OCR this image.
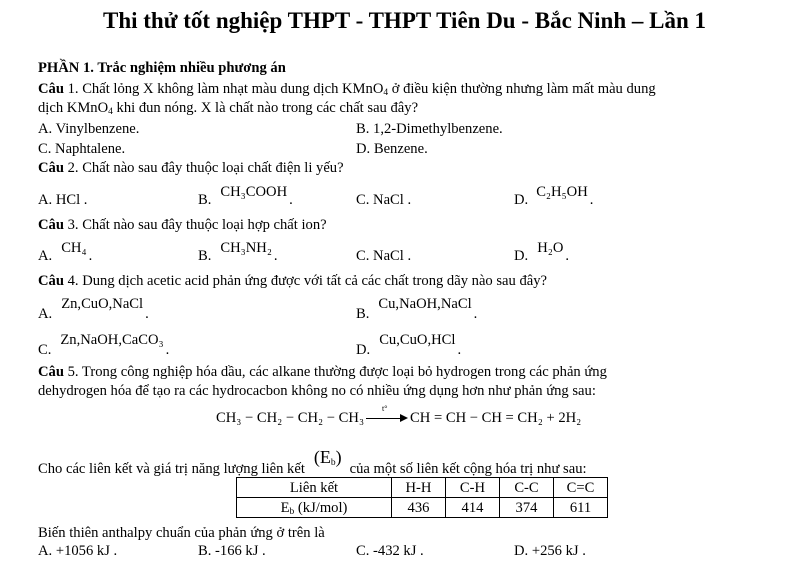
Thi thử tốt nghiệp THPT - THPT Tiên Du - Bắc Ninh – Lần 1
PHẦN 1. Trắc nghiệm nhiều phương án
Câu 1. Chất lỏng X không làm nhạt màu dung dịch KMnO$_4$ ở điều kiện thường nhưng làm mất màu dung
dịch KMnO$_4$ khi đun nóng. X là chất nào trong các chất sau đây?
A. Vinylbenzene.	B. 1,2-Dimethylbenzene.
C. Naphtalene.	D. Benzene.
Câu 2. Chất nào sau đây thuộc loại chất điện li yếu?
A. HCl .	B. CH₃COOH .	C. NaCl .	D. C₂H₅OH .
Câu 3. Chất nào sau đây thuộc loại hợp chất ion?
A. CH₄ .	B. CH₃NH₂ .	C. NaCl .	D. H₂O .
Câu 4. Dung dịch acetic acid phản ứng được với tất cả các chất trong dãy nào sau đây?
A.Zn,CuO,NaCl.	B.Cu,NaOH,NaCl.
C.Zn,NaOH,CaCO₃.	D.Cu,CuO,HCl.
Câu 5. Trong công nghiệp hóa dầu, các alkane thường được loại bỏ hydrogen trong các phản ứng
dehydrogen hóa để tạo ra các hydrocacbon không no có nhiều ứng dụng hơn như phản ứng sau:
CH₃ − CH₂ − CH₂ − CH₃
t°
CH = CH − CH = CH₂ + 2H₂
Cho các liên kết và giá trị năng lượng liên $kết(E_b)của$ một số liên kết cộng hóa trị như sau:
Liên kết	H-H	C-H	C-C	C=C
$E_b$ (kJ/mol)	436	414	374	611
Biến thiên anthalpy chuẩn của phản ứng ở trên là
A. +1056 kJ .	B. -166 kJ .	C. -432 kJ .	D. +256 kJ .
